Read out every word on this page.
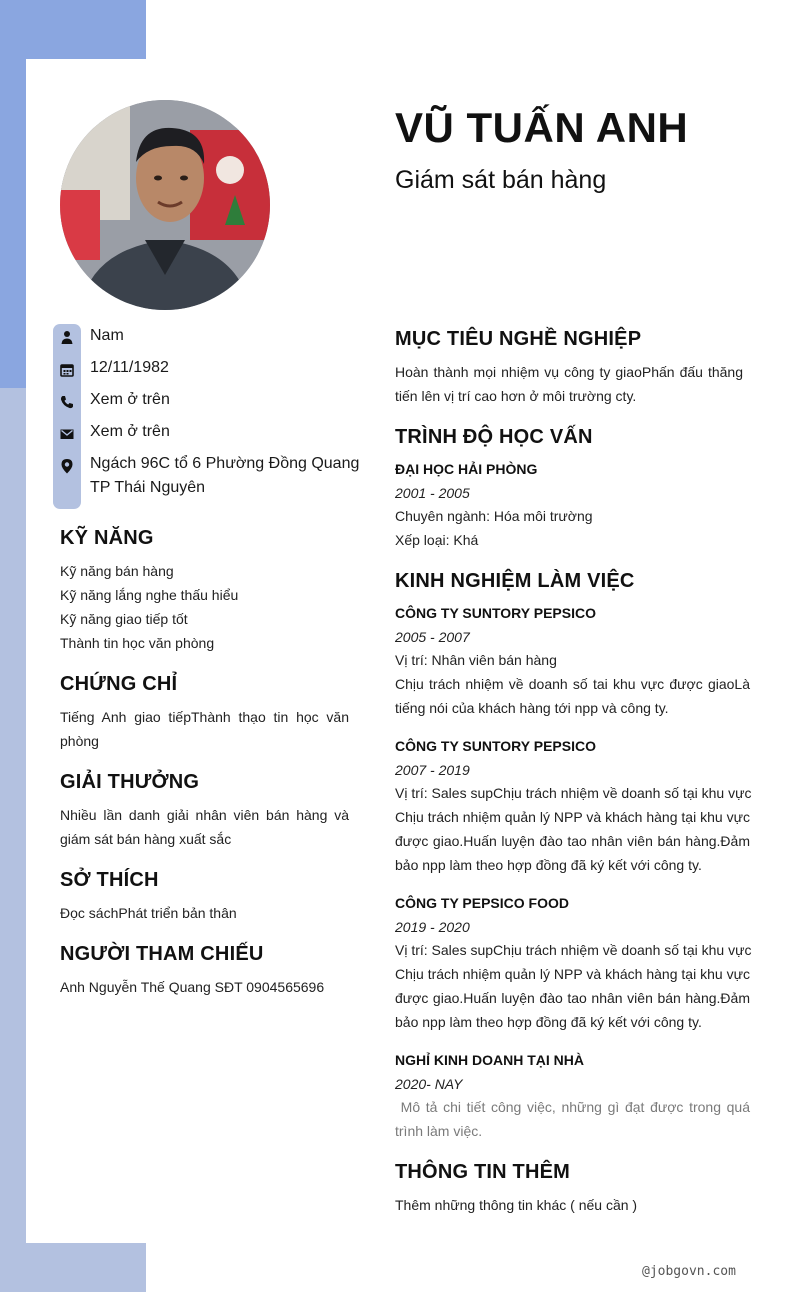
VŨ TUẤN ANH
Giám sát bán hàng
Nam
12/11/1982
Xem ở trên
Xem ở trên
Ngách 96C tổ 6 Phường Đồng Quang
TP Thái Nguyên
KỸ NĂNG
Kỹ năng bán hàng
Kỹ năng lắng nghe thấu hiểu
Kỹ năng giao tiếp tốt
Thành tin học văn phòng
CHỨNG CHỈ
Tiếng Anh giao tiếpThành thạo tin học văn
phòng
GIẢI THƯỞNG
Nhiều lần danh giải nhân viên bán hàng và
giám sát bán hàng xuất sắc
SỞ THÍCH
Đọc sáchPhát triển bản thân
NGƯỜI THAM CHIẾU
Anh Nguyễn Thế Quang SĐT 0904565696
MỤC TIÊU NGHỀ NGHIỆP
Hoàn thành mọi nhiệm vụ công ty giaoPhấn đấu thăng
tiến lên vị trí cao hơn ở môi trường cty.
TRÌNH ĐỘ HỌC VẤN
ĐẠI HỌC HẢI PHÒNG
2001 - 2005
Chuyên ngành: Hóa môi trường
Xếp loại: Khá
KINH NGHIỆM LÀM VIỆC
CÔNG TY SUNTORY PEPSICO
2005 - 2007
Vị trí: Nhân viên bán hàng
Chịu trách nhiệm về doanh số tai khu vực được giaoLà
tiếng nói của khách hàng tới npp và công ty.
CÔNG TY SUNTORY PEPSICO
2007 - 2019
Vị trí: Sales supChịu trách nhiệm về doanh số tại khu vực
Chịu trách nhiệm quản lý NPP và khách hàng tại khu vực
được giao.Huấn luyện đào tao nhân viên bán hàng.Đảm
bảo npp làm theo hợp đồng đã ký kết với công ty.
CÔNG TY PEPSICO FOOD
2019 - 2020
Vị trí: Sales supChịu trách nhiệm về doanh số tại khu vực
Chịu trách nhiệm quản lý NPP và khách hàng tại khu vực
được giao.Huấn luyện đào tao nhân viên bán hàng.Đảm
bảo npp làm theo hợp đồng đã ký kết với công ty.
NGHỈ KINH DOANH TẠI NHÀ
2020- NAY
Mô tả chi tiết công việc, những gì đạt được trong quá
trình làm việc.
THÔNG TIN THÊM
Thêm những thông tin khác ( nếu cần )
@jobgovn.com
